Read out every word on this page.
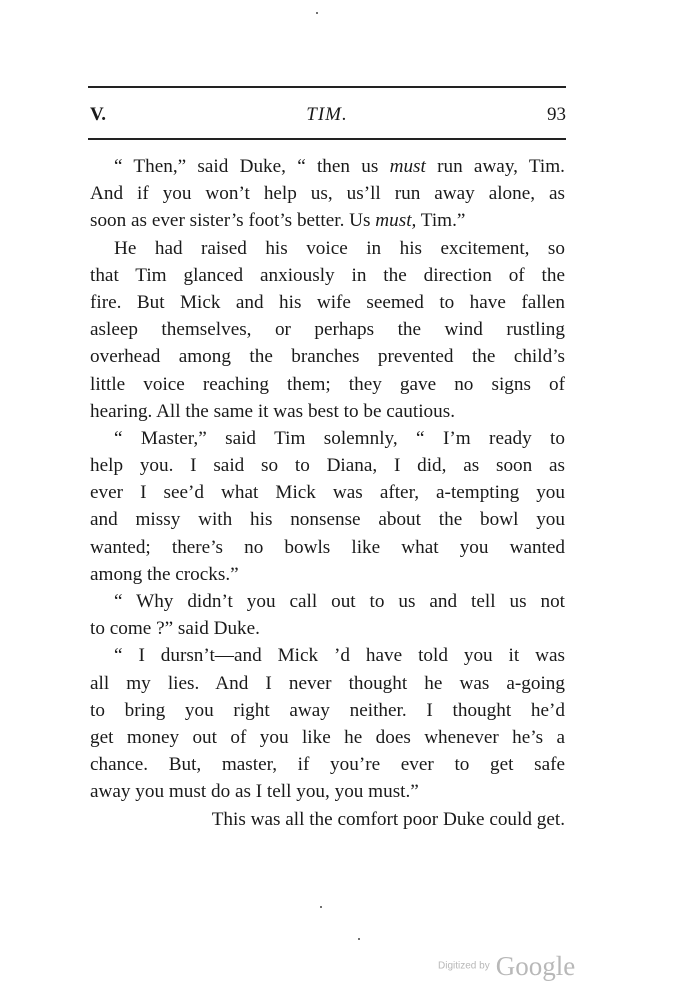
V.	TIM.	93
“ Then,” said Duke, “ then us must run away, Tim.
And if you won’t help us, us’ll run away alone, as
soon as ever sister’s foot’s better. Us must, Tim.”
He had raised his voice in his excitement, so
that Tim glanced anxiously in the direction of the
fire. But Mick and his wife seemed to have fallen
asleep themselves, or perhaps the wind rustling
overhead among the branches prevented the child’s
little voice reaching them; they gave no signs of
hearing. All the same it was best to be cautious.
“ Master,” said Tim solemnly, “ I’m ready to
help you. I said so to Diana, I did, as soon as
ever I see’d what Mick was after, a-tempting you
and missy with his nonsense about the bowl you
wanted; there’s no bowls like what you wanted
among the crocks.”
“ Why didn’t you call out to us and tell us not
to come ?” said Duke.
“ I dursn’t—and Mick ’d have told you it was
all my lies. And I never thought he was a-going
to bring you right away neither. I thought he’d
get money out of you like he does whenever he’s a
chance. But, master, if you’re ever to get safe
away you must do as I tell you, you must.”
This was all the comfort poor Duke could get.
Digitized by Google
